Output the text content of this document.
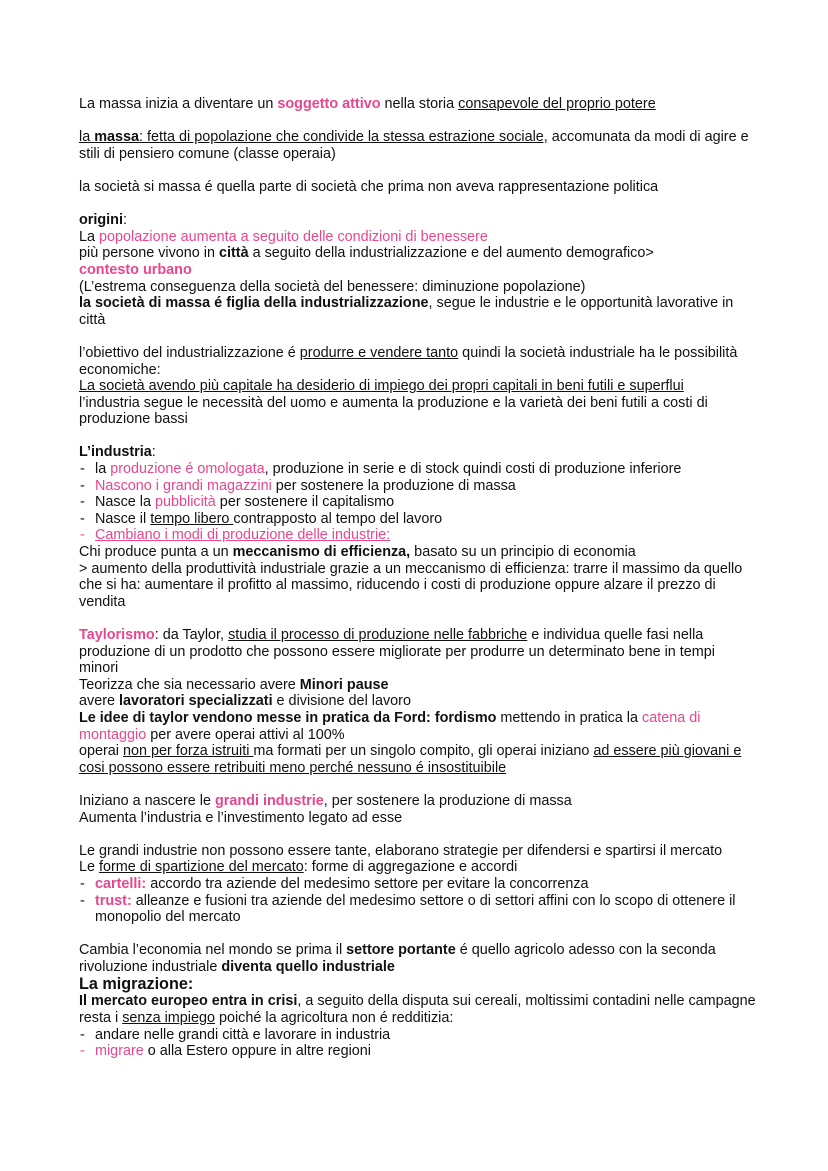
La massa inizia a diventare un soggetto attivo nella storia consapevole del proprio potere

la massa: fetta di popolazione che condivide la stessa estrazione sociale, accomunata da modi di agire e stili di pensiero comune (classe operaia)

la società si massa é quella parte di società che prima non aveva rappresentazione politica

origini:

La popolazione aumenta a seguito delle condizioni di benessere

più persone vivono in città a seguito della industrializzazione e del aumento demografico>

contesto urbano

(L’estrema conseguenza della società del benessere: diminuzione popolazione)

la società di massa é figlia della industrializzazione, segue le industrie e le opportunità lavorative in città

l’obiettivo del industrializzazione é produrre e vendere tanto quindi la società industriale ha le possibilità economiche:

La società avendo più capitale ha desiderio di impiego dei propri capitali in beni futili e superflui

l’industria segue le necessità del uomo e aumenta la produzione e la varietà dei beni futili a costi di produzione bassi

L’industria:

- la produzione é omologata, produzione in serie e di stock quindi costi di produzione inferiore
- Nascono i grandi magazzini per sostenere la produzione di massa
- Nasce la pubblicità per sostenere il capitalismo
- Nasce il tempo libero contrapposto al tempo del lavoro
- Cambiano i modi di produzione delle industrie:

Chi produce punta a un meccanismo di efficienza, basato su un principio di economia

> aumento della produttività industriale grazie a un meccanismo di efficienza: trarre il massimo da quello che si ha: aumentare il profitto al massimo, riducendo i costi di produzione oppure alzare il prezzo di vendita

Taylorismo: da Taylor, studia il processo di produzione nelle fabbriche e individua quelle fasi nella produzione di un prodotto che possono essere migliorate per produrre un determinato bene in tempi minori

Teorizza che sia necessario avere Minori pause

avere lavoratori specializzati e divisione del lavoro

Le idee di taylor vendono messe in pratica da Ford: fordismo mettendo in pratica la catena di montaggio per avere operai attivi al 100%

operai non per forza istruiti ma formati per un singolo compito, gli operai iniziano ad essere più giovani e cosi possono essere retribuiti meno perché nessuno é insostituibile

Iniziano a nascere le grandi industrie, per sostenere la produzione di massa

Aumenta l’industria e l’investimento legato ad esse

Le grandi industrie non possono essere tante, elaborano strategie per difendersi e spartirsi il mercato

Le forme di spartizione del mercato: forme di aggregazione e accordi

- cartelli: accordo tra aziende del medesimo settore per evitare la concorrenza
- trust: alleanze e fusioni tra aziende del medesimo settore o di settori affini con lo scopo di ottenere il monopolio del mercato

Cambia l’economia nel mondo se prima il settore portante é quello agricolo adesso con la seconda rivoluzione industriale diventa quello industriale

La migrazione:

Il mercato europeo entra in crisi, a seguito della disputa sui cereali, moltissimi contadini nelle campagne resta i senza impiego poiché la agricoltura non é redditizia:

- andare nelle grandi città e lavorare in industria
- migrare o alla Estero oppure in altre regioni
